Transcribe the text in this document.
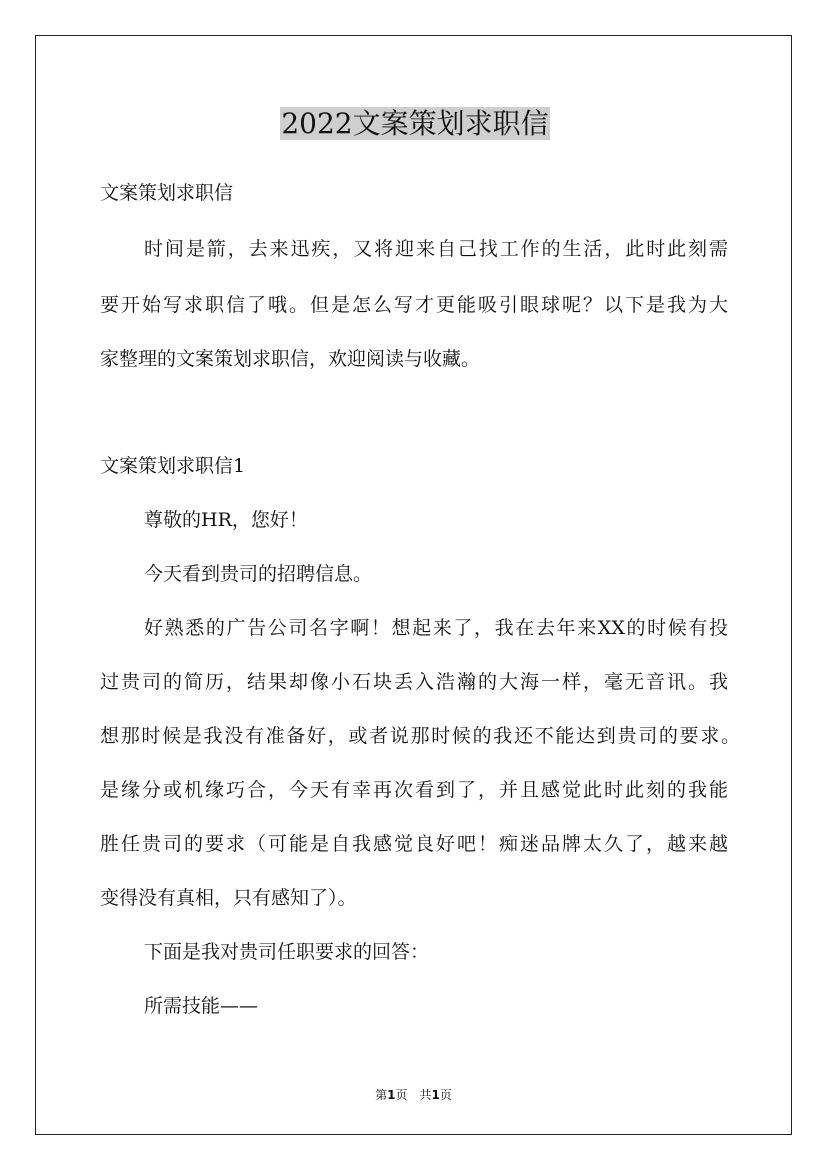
2022文案策划求职信
文案策划求职信
时间是箭，去来迅疾，又将迎来自己找工作的生活，此时此刻需
要开始写求职信了哦。但是怎么写才更能吸引眼球呢？以下是我为大
家整理的文案策划求职信，欢迎阅读与收藏。
文案策划求职信1
尊敬的HR，您好！
今天看到贵司的招聘信息。
好熟悉的广告公司名字啊！想起来了，我在去年来XX的时候有投
过贵司的简历，结果却像小石块丢入浩瀚的大海一样，毫无音讯。我
想那时候是我没有准备好，或者说那时候的我还不能达到贵司的要求。
是缘分或机缘巧合，今天有幸再次看到了，并且感觉此时此刻的我能
胜任贵司的要求（可能是自我感觉良好吧！痴迷品牌太久了，越来越
变得没有真相，只有感知了）。
下面是我对贵司任职要求的回答：
所需技能——
第1页　共1页
